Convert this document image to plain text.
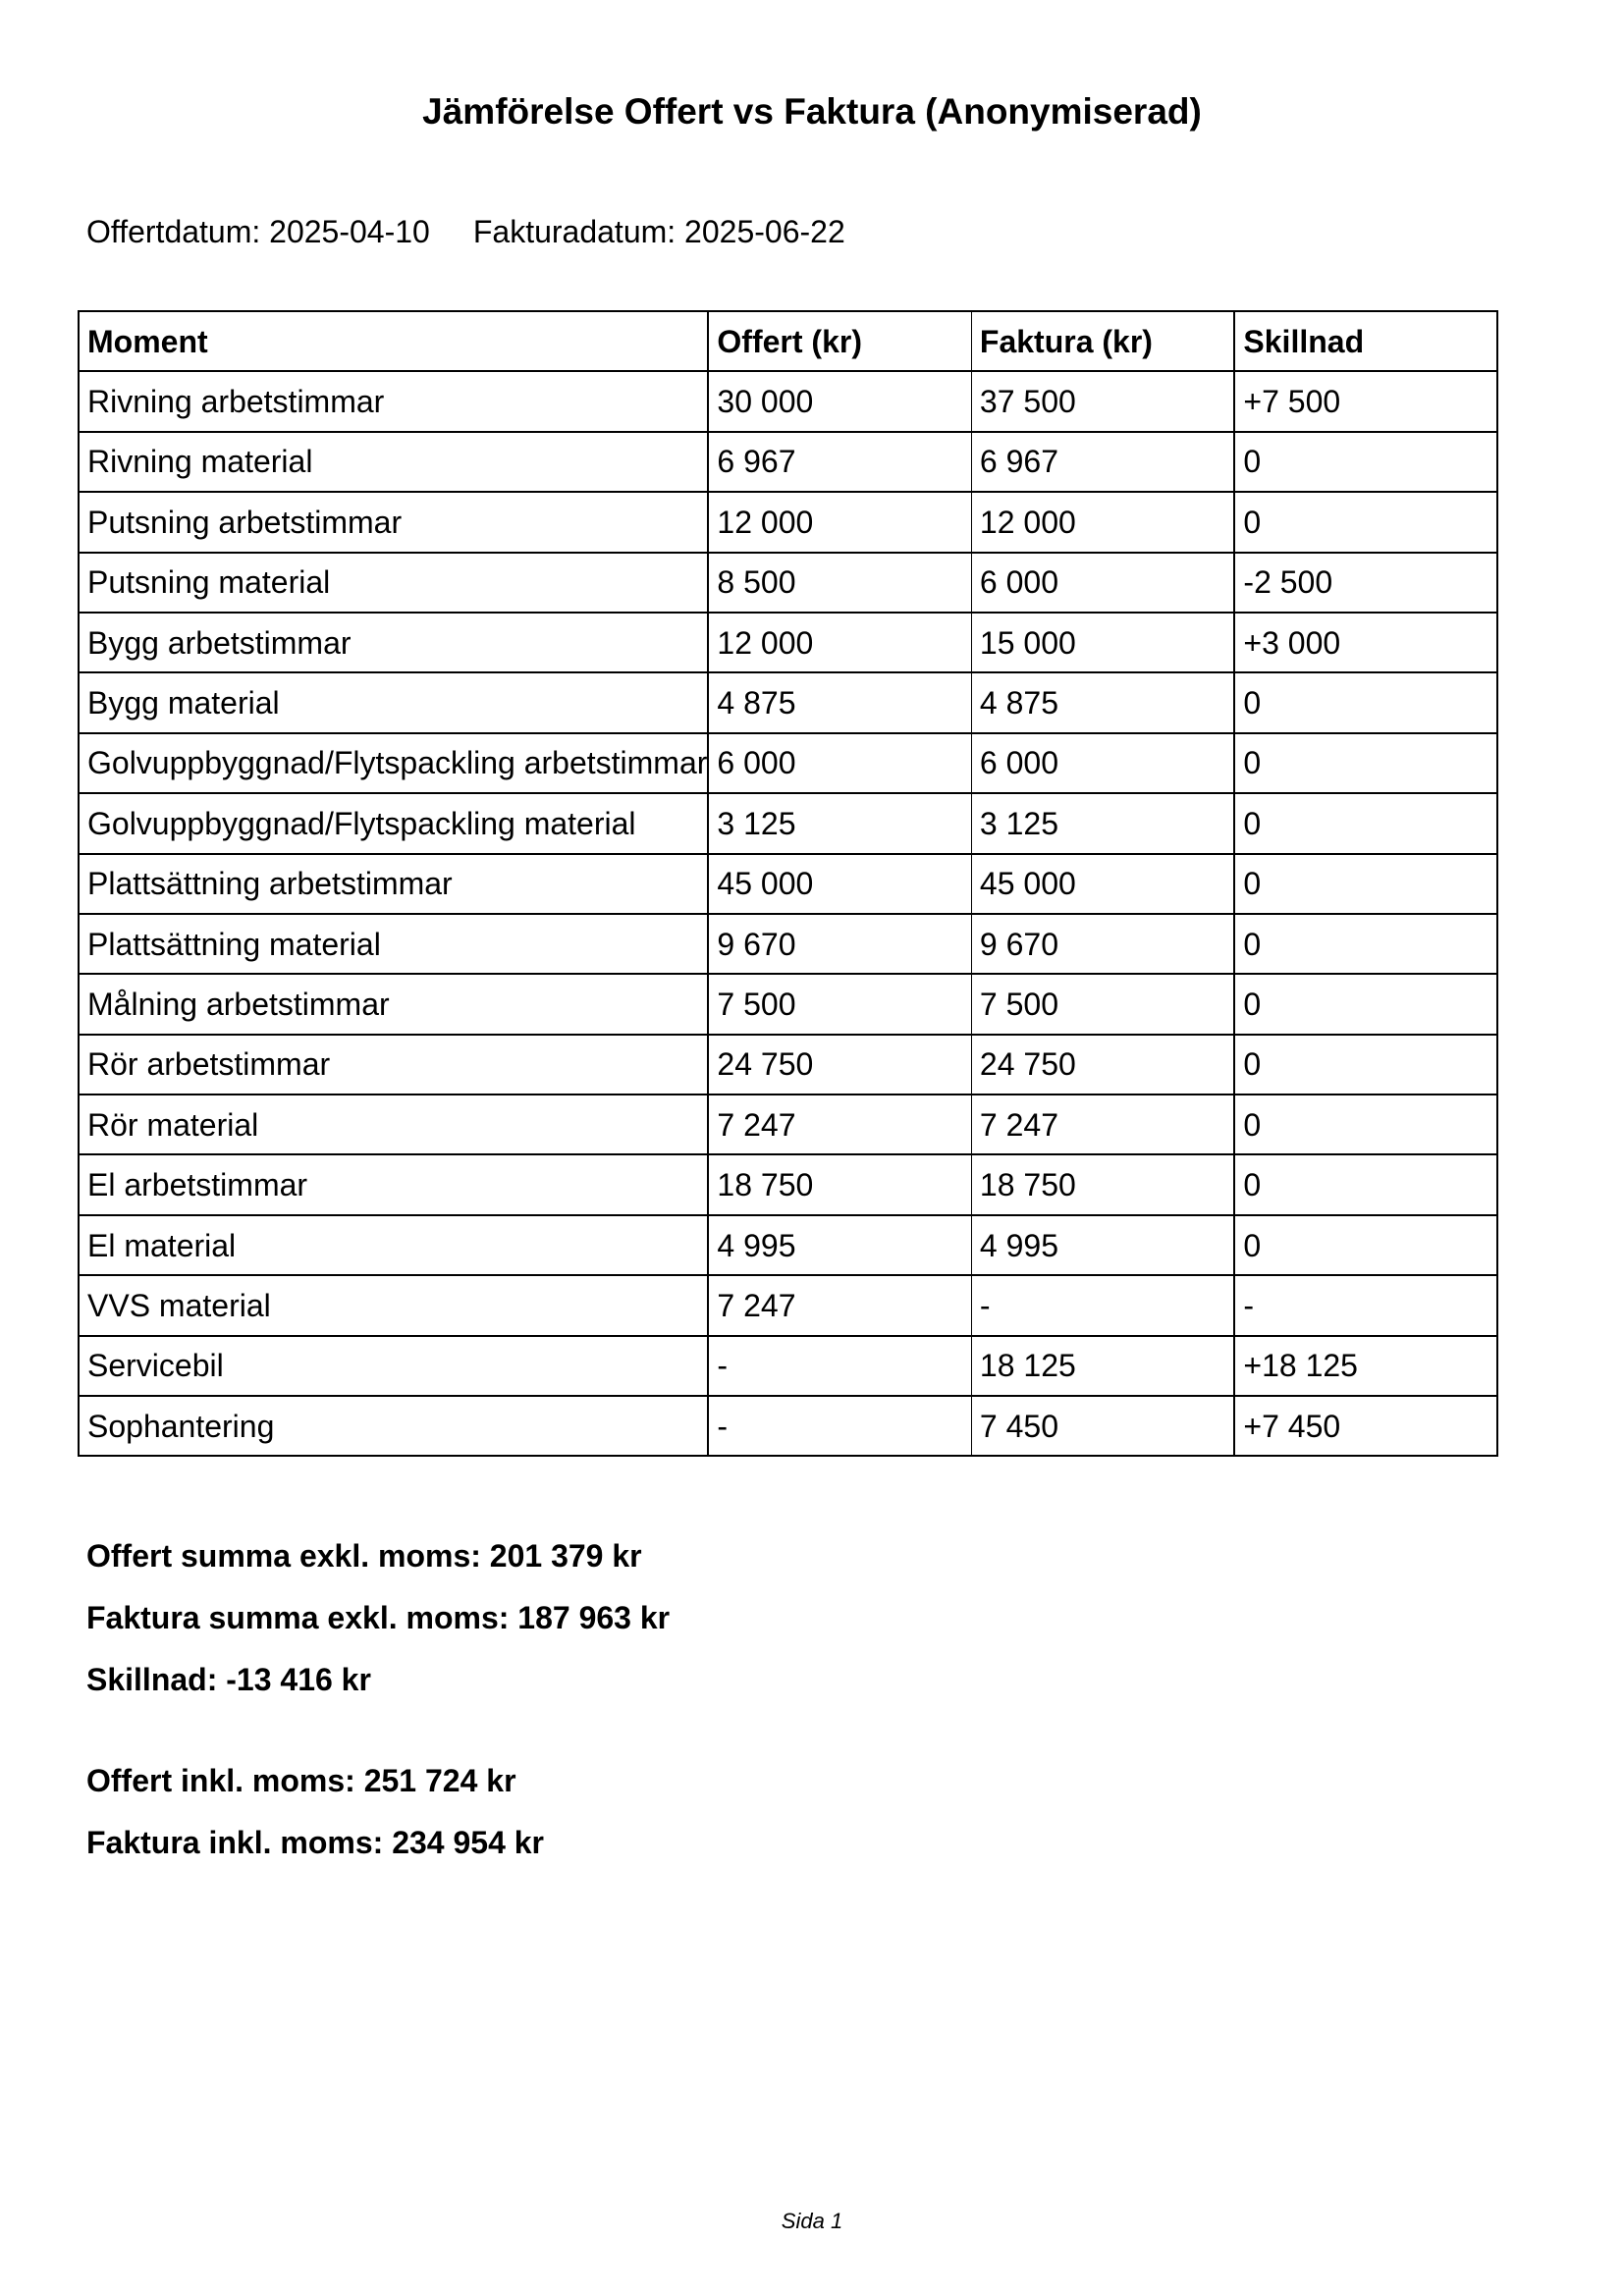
Jämförelse Offert vs Faktura (Anonymiserad)
Offertdatum: 2025-04-10 Fakturadatum: 2025-06-22
Moment	Offert (kr)	Faktura (kr)	Skillnad
Rivning arbetstimmar	30 000	37 500	+7 500
Rivning material	6 967	6 967	0
Putsning arbetstimmar	12 000	12 000	0
Putsning material	8 500	6 000	-2 500
Bygg arbetstimmar	12 000	15 000	+3 000
Bygg material	4 875	4 875	0
Golvuppbyggnad/Flytspackling arbetstimmar	6 000	6 000	0
Golvuppbyggnad/Flytspackling material	3 125	3 125	0
Plattsättning arbetstimmar	45 000	45 000	0
Plattsättning material	9 670	9 670	0
Målning arbetstimmar	7 500	7 500	0
Rör arbetstimmar	24 750	24 750	0
Rör material	7 247	7 247	0
El arbetstimmar	18 750	18 750	0
El material	4 995	4 995	0
VVS material	7 247	-	-
Servicebil	-	18 125	+18 125
Sophantering	-	7 450	+7 450
Offert summa exkl. moms: 201 379 kr
Faktura summa exkl. moms: 187 963 kr
Skillnad: -13 416 kr
Offert inkl. moms: 251 724 kr
Faktura inkl. moms: 234 954 kr
Sida 1
